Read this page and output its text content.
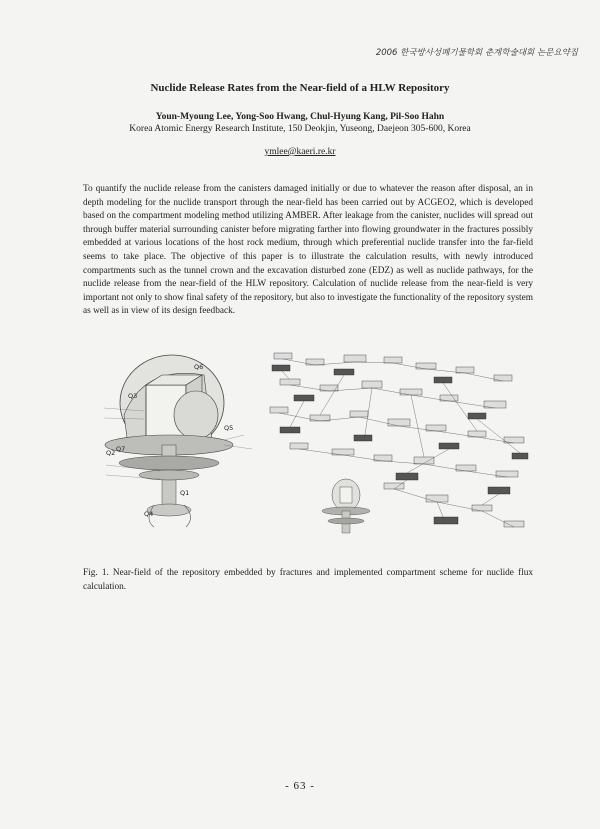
2006 한국방사성폐기물학회 춘계학술대회 논문요약집
Nuclide Release Rates from the Near-field of a HLW Repository
Youn-Myoung Lee, Yong-Soo Hwang, Chul-Hyung Kang, Pil-Soo Hahn
Korea Atomic Energy Research Institute, 150 Deokjin, Yuseong, Daejeon 305-600, Korea
ymlee@kaeri.re.kr
To quantify the nuclide release from the canisters damaged initially or due to whatever the reason after disposal, an in depth modeling for the nuclide transport through the near-field has been carried out by ACGEO2, which is developed based on the compartment modeling method utilizing AMBER. After leakage from the canister, nuclides will spread out through buffer material surrounding canister before migrating farther into flowing groundwater in the fractures possibly embedded at various locations of the host rock medium, through which preferential nuclide transfer into the far-field seems to take place. The objective of this paper is to illustrate the calculation results, with newly introduced compartments such as the tunnel crown and the excavation disturbed zone (EDZ) as well as nuclide pathways, for the nuclide release from the near-field of the HLW repository. Calculation of nuclide release from the near-field is very important not only to show final safety of the repository, but also to investigate the functionality of the repository system as well as in view of its design feedback.
Q6
Q3
Q5
Q2 Q7
Q1
Q4
Fig. 1. Near-field of the repository embedded by fractures and implemented compartment scheme for nuclide flux calculation.
- 63 -
